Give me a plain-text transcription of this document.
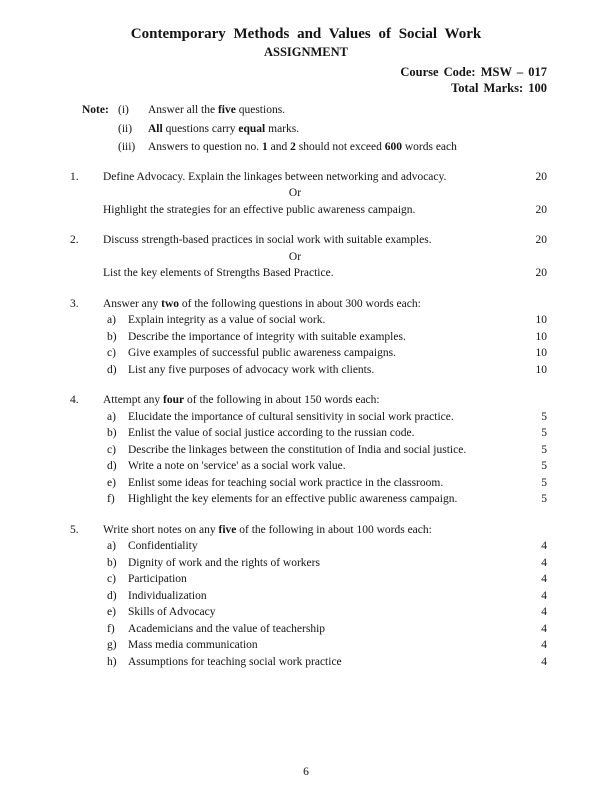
Contemporary Methods and Values of Social Work
ASSIGNMENT
Course Code: MSW – 017
Total Marks: 100
Note: (i)	Answer all the five questions.
(ii)	All questions carry equal marks.
(iii)	Answers to question no. 1 and 2 should not exceed 600 words each
1.	Define Advocacy. Explain the linkages between networking and advocacy.	20
Or
Highlight the strategies for an effective public awareness campaign.	20
2.	Discuss strength-based practices in social work with suitable examples.	20
Or
List the key elements of Strengths Based Practice.	20
3.	Answer any two of the following questions in about 300 words each:
a)	Explain integrity as a value of social work.	10
b) Describe the importance of integrity with suitable examples.	10
c)	Give examples of successful public awareness campaigns.	10
d) List any five purposes of advocacy work with clients.	10
4.	Attempt any four of the following in about 150 words each:
a)	Elucidate the importance of cultural sensitivity in social work practice.	5
b) Enlist the value of social justice according to the russian code.	5
c)	Describe the linkages between the constitution of India and social justice.	5
d) Write a note on 'service' as a social work value.	5
e)	Enlist some ideas for teaching social work practice in the classroom.	5
f)	Highlight the key elements for an effective public awareness campaign.	5
5.	Write short notes on any five of the following in about 100 words each:
a)	Confidentiality	4
b) Dignity of work and the rights of workers	4
c)	Participation	4
d) Individualization	4
e)	Skills of Advocacy	4
f)	Academicians and the value of teachership	4
g) Mass media communication	4
h) Assumptions for teaching social work practice	4
6
